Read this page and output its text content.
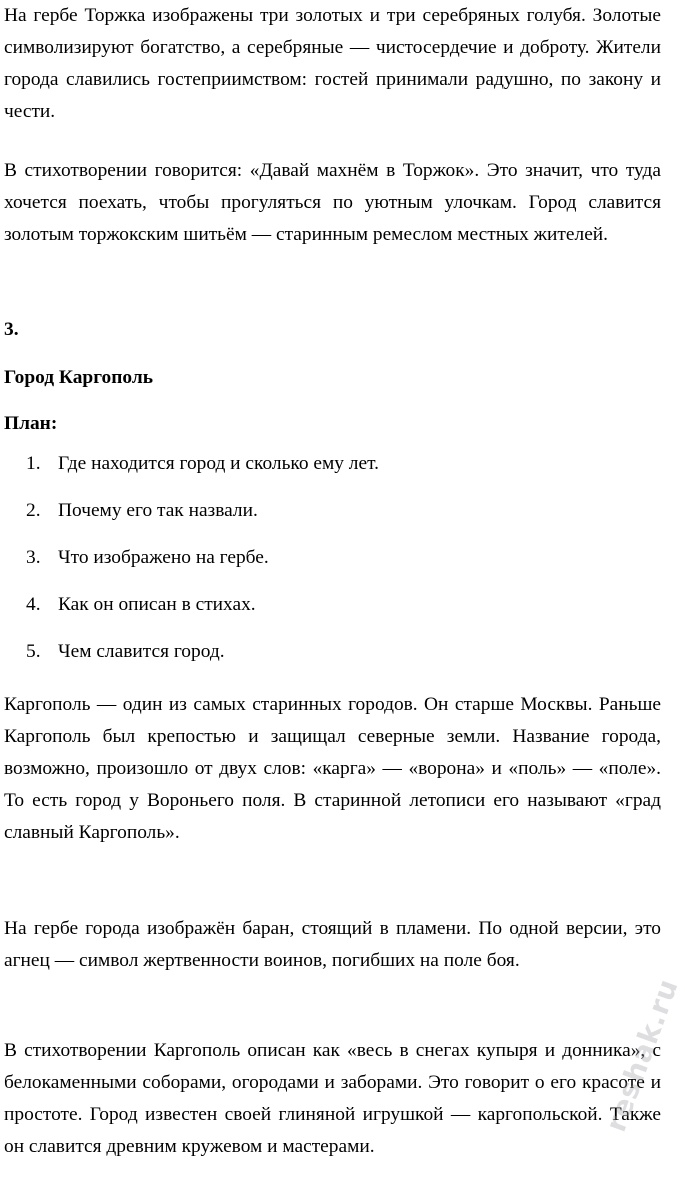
На гербе Торжка изображены три золотых и три серебряных голубя. Золотые символизируют богатство, а серебряные — чистосердечие и доброту. Жители города славились гостеприимством: гостей принимали радушно, по закону и чести.

В стихотворении говорится: «Давай махнём в Торжок». Это значит, что туда хочется поехать, чтобы прогуляться по уютным улочкам. Город славится золотым торжокским шитьём — старинным ремеслом местных жителей.

3.

Город Каргополь

План:

1. Где находится город и сколько ему лет.
2. Почему его так назвали.
3. Что изображено на гербе.
4. Как он описан в стихах.
5. Чем славится город.

Каргополь — один из самых старинных городов. Он старше Москвы. Раньше Каргополь был крепостью и защищал северные земли. Название города, возможно, произошло от двух слов: «карга» — «ворона» и «поль» — «поле». То есть город у Вороньего поля. В старинной летописи его называют «град славный Каргополь».

На гербе города изображён баран, стоящий в пламени. По одной версии, это агнец — символ жертвенности воинов, погибших на поле боя.

В стихотворении Каргополь описан как «весь в снегах купыря и донника», с белокаменными соборами, огородами и заборами. Это говорит о его красоте и простоте. Город известен своей глиняной игрушкой — каргопольской. Также он славится древним кружевом и мастерами.

reshak.ru
